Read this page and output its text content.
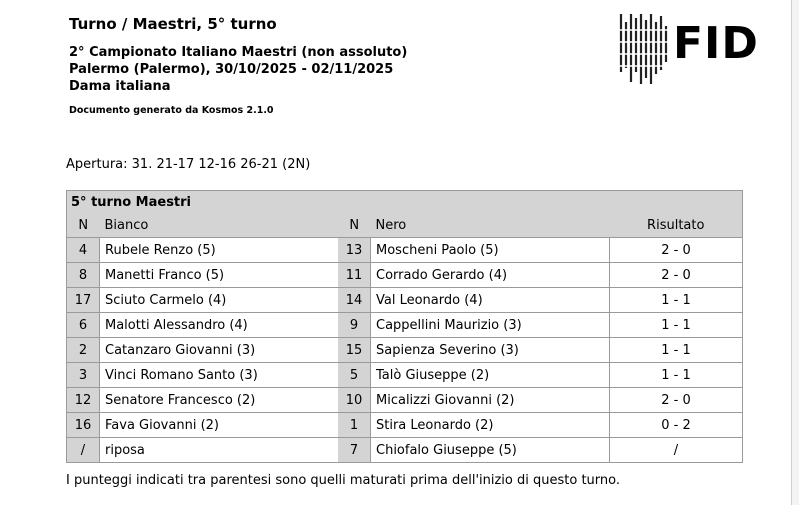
Turno / Maestri, 5° turno
2° Campionato Italiano Maestri (non assoluto)
Palermo (Palermo), 30/10/2025 - 02/11/2025
Dama italiana
Documento generato da Kosmos 2.1.0
FID
Apertura: 31. 21-17 12-16 26-21 (2N)
5° turno Maestri				
N	Bianco	N	Nero	Risultato
4	Rubele Renzo (5)	13	Moscheni Paolo (5)	2 - 0
8	Manetti Franco (5)	11	Corrado Gerardo (4)	2 - 0
17	Sciuto Carmelo (4)	14	Val Leonardo (4)	1 - 1
6	Malotti Alessandro (4)	9	Cappellini Maurizio (3)	1 - 1
2	Catanzaro Giovanni (3)	15	Sapienza Severino (3)	1 - 1
3	Vinci Romano Santo (3)	5	Talò Giuseppe (2)	1 - 1
12	Senatore Francesco (2)	10	Micalizzi Giovanni (2)	2 - 0
16	Fava Giovanni (2)	1	Stira Leonardo (2)	0 - 2
/	riposa	7	Chiofalo Giuseppe (5)	/
I punteggi indicati tra parentesi sono quelli maturati prima dell'inizio di questo turno.
